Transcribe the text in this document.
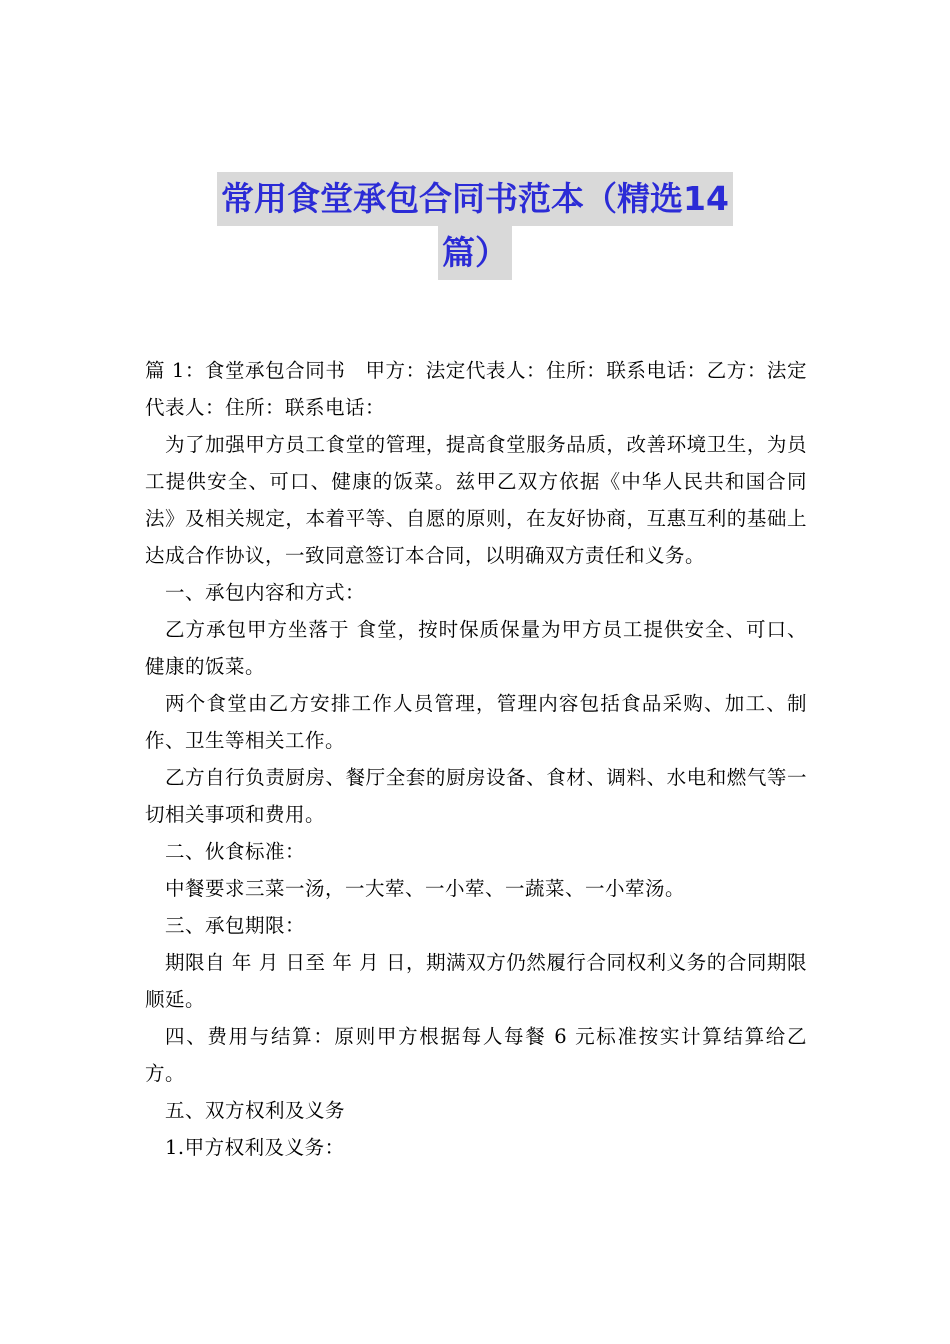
常用食堂承包合同书范本（精选14
篇）

篇 1：食堂承包合同书　甲方：法定代表人：住所：联系电话：乙方：法定代表人：住所：联系电话：

为了加强甲方员工食堂的管理，提高食堂服务品质，改善环境卫生，为员工提供安全、可口、健康的饭菜。兹甲乙双方依据《中华人民共和国合同法》及相关规定，本着平等、自愿的原则，在友好协商，互惠互利的基础上达成合作协议，一致同意签订本合同，以明确双方责任和义务。

一、承包内容和方式：

乙方承包甲方坐落于 食堂，按时保质保量为甲方员工提供安全、可口、健康的饭菜。

两个食堂由乙方安排工作人员管理，管理内容包括食品采购、加工、制作、卫生等相关工作。

乙方自行负责厨房、餐厅全套的厨房设备、食材、调料、水电和燃气等一切相关事项和费用。

二、伙食标准：

中餐要求三菜一汤，一大荤、一小荤、一蔬菜、一小荤汤。

三、承包期限：

期限自 年 月 日至 年 月 日，期满双方仍然履行合同权利义务的合同期限顺延。

四、费用与结算：原则甲方根据每人每餐 6 元标准按实计算结算给乙方。

五、双方权利及义务

1.甲方权利及义务：
